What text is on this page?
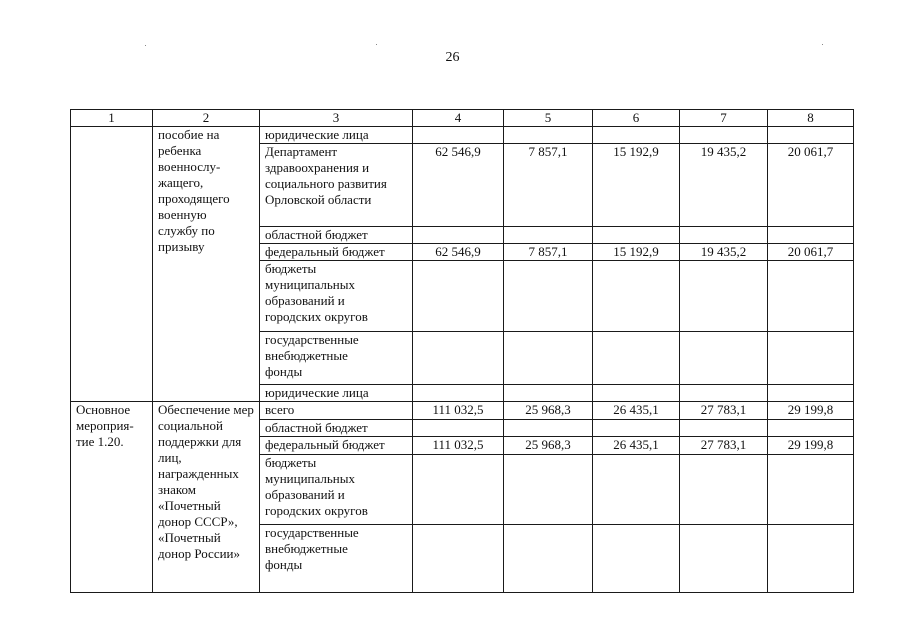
26
1	2	3	4	5	6	7	8

	пособие на ребенка военнослу-жащего, проходящего военную службу по призыву	юридические лица					

		Департамент здравоохранения и социального развития Орловской области	62 546,9	7 857,1	15 192,9	19 435,2	20 061,7
		областной бюджет					
		федеральный бюджет	62 546,9	7 857,1	15 192,9	19 435,2	20 061,7

		бюджеты муниципальных образований и городских округов					

		государственные внебюджетные фонды					

		юридические лица					

Основное мероприя-тие 1.20.	Обеспечение мер социальной поддержки для лиц, награжденных знаком «Почетный донор СССР», «Почетный донор России»	всего	111 032,5	25 968,3	26 435,1	27 783,1	29 199,8
		областной бюджет					
		федеральный бюджет	111 032,5	25 968,3	26 435,1	27 783,1	29 199,8

		бюджеты муниципальных образований и городских округов					

		государственные внебюджетные фонды					
